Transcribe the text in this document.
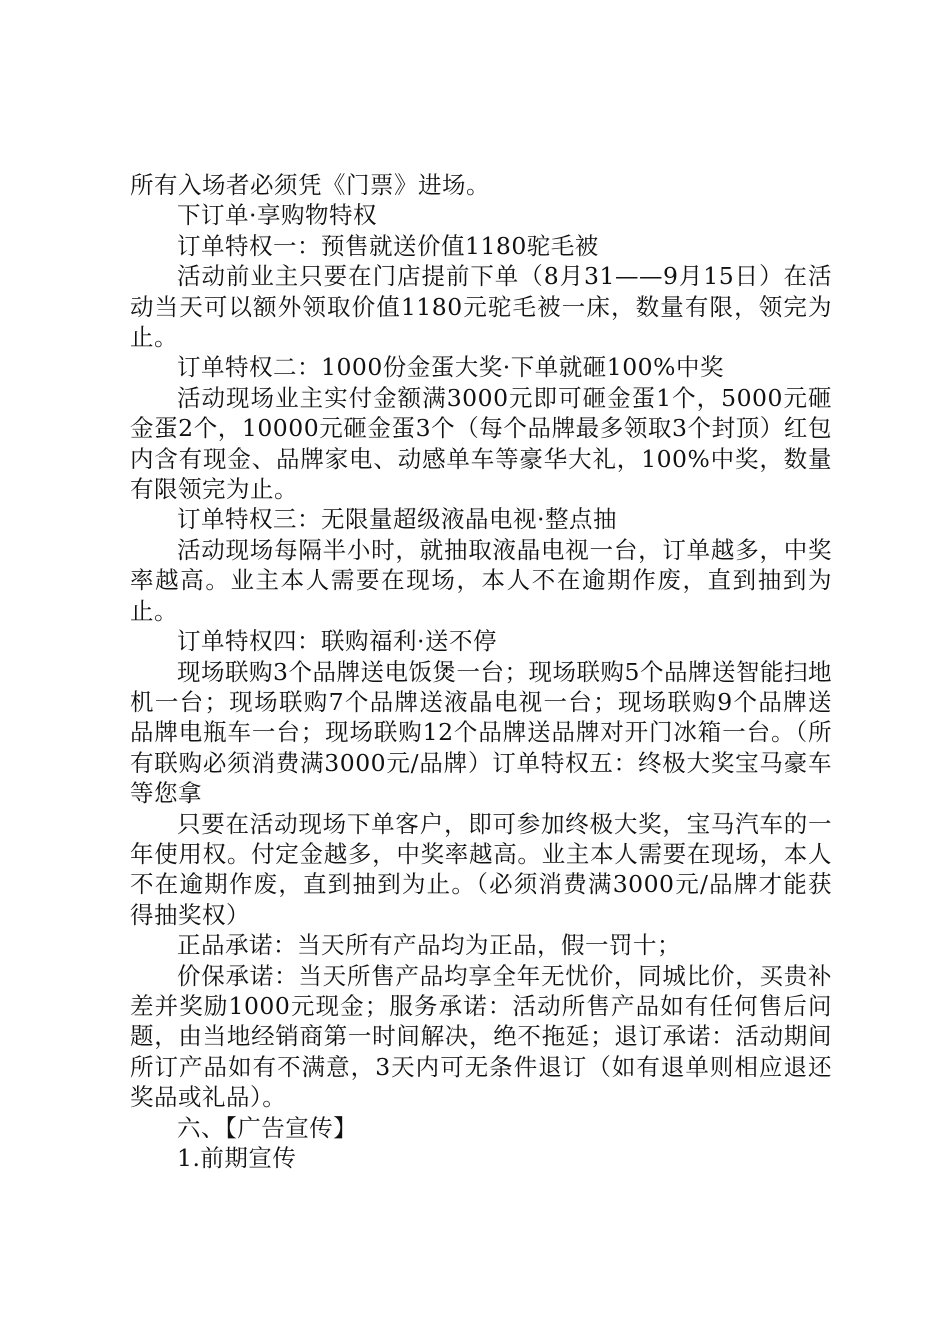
所有入场者必须凭《门票》进场。

下订单·享购物特权

订单特权一：预售就送价值1180驼毛被

活动前业主只要在门店提前下单（8月31——9月15日）在活动当天可以额外领取价值1180元驼毛被一床，数量有限，领完为止。

订单特权二：1000份金蛋大奖·下单就砸100%中奖

活动现场业主实付金额满3000元即可砸金蛋1个，5000元砸金蛋2个，10000元砸金蛋3个（每个品牌最多领取3个封顶）红包内含有现金、品牌家电、动感单车等豪华大礼，100%中奖，数量有限领完为止。

订单特权三：无限量超级液晶电视·整点抽

活动现场每隔半小时，就抽取液晶电视一台，订单越多，中奖率越高。业主本人需要在现场，本人不在逾期作废，直到抽到为止。

订单特权四：联购福利·送不停

现场联购3个品牌送电饭煲一台；现场联购5个品牌送智能扫地机一台；现场联购7个品牌送液晶电视一台；现场联购9个品牌送品牌电瓶车一台；现场联购12个品牌送品牌对开门冰箱一台。（所有联购必须消费满3000元/品牌）订单特权五：终极大奖宝马豪车等您拿

只要在活动现场下单客户，即可参加终极大奖，宝马汽车的一年使用权。付定金越多，中奖率越高。业主本人需要在现场，本人不在逾期作废，直到抽到为止。（必须消费满3000元/品牌才能获得抽奖权）

正品承诺：当天所有产品均为正品，假一罚十；

价保承诺：当天所售产品均享全年无忧价，同城比价，买贵补差并奖励1000元现金；服务承诺：活动所售产品如有任何售后问题，由当地经销商第一时间解决，绝不拖延；退订承诺：活动期间所订产品如有不满意，3天内可无条件退订（如有退单则相应退还奖品或礼品）。

六、【广告宣传】

1.前期宣传
